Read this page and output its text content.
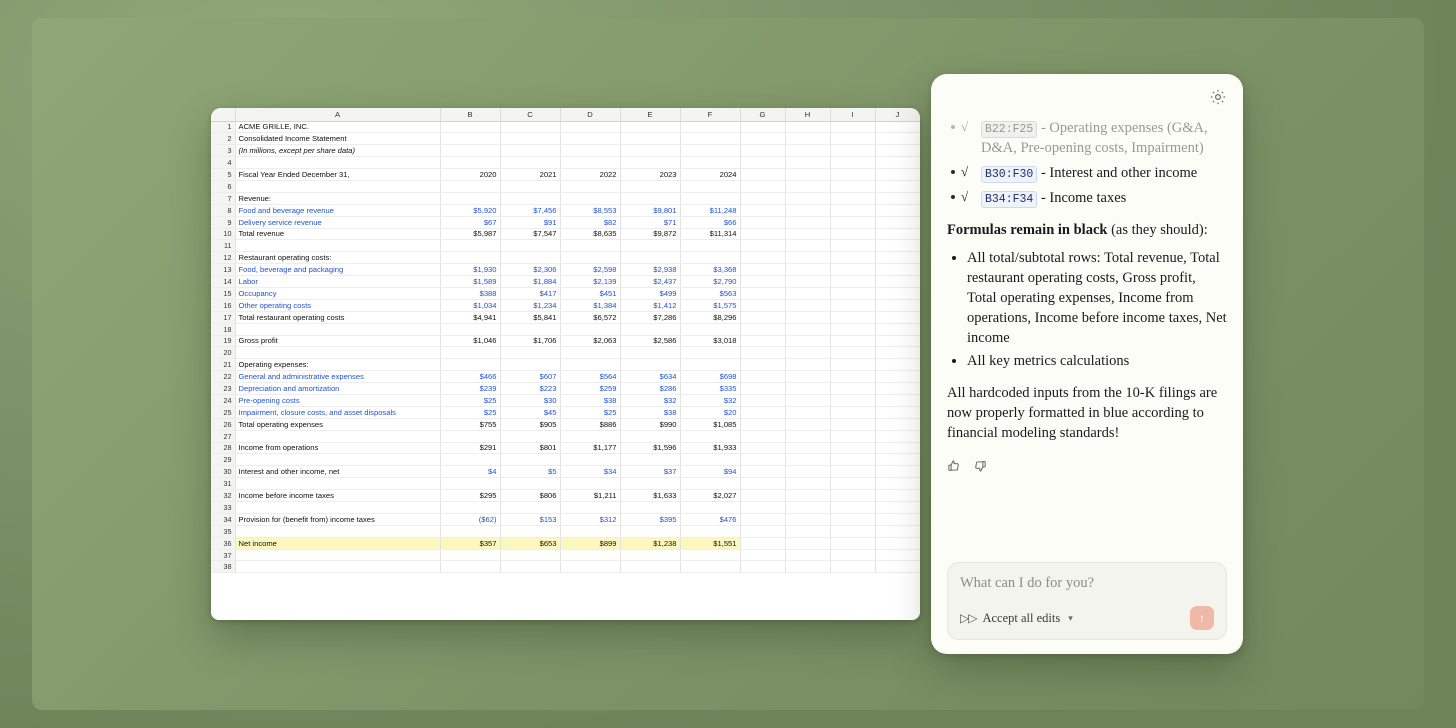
	A	B	C	D	E	F	G	H	I	J
1	ACME GRILLE, INC.									
2	Consolidated Income Statement									
3	(In millions, except per share data)									
4										
5	Fiscal Year Ended December 31,	2020	2021	2022	2023	2024				
6										
7	Revenue:									
8	Food and beverage revenue	$5,920	$7,456	$8,553	$9,801	$11,248				
9	Delivery service revenue	$67	$91	$82	$71	$66				
10	Total revenue	$5,987	$7,547	$8,635	$9,872	$11,314				
11										
12	Restaurant operating costs:									
13	Food, beverage and packaging	$1,930	$2,306	$2,598	$2,938	$3,368				
14	Labor	$1,589	$1,884	$2,139	$2,437	$2,790				
15	Occupancy	$388	$417	$451	$499	$563				
16	Other operating costs	$1,034	$1,234	$1,384	$1,412	$1,575				
17	Total restaurant operating costs	$4,941	$5,841	$6,572	$7,286	$8,296				
18										
19	Gross profit	$1,046	$1,706	$2,063	$2,586	$3,018				
20										
21	Operating expenses:									
22	General and administrative expenses	$466	$607	$564	$634	$698				
23	Depreciation and amortization	$239	$223	$259	$286	$335				
24	Pre-opening costs	$25	$30	$38	$32	$32				
25	Impairment, closure costs, and asset disposals	$25	$45	$25	$38	$20				
26	Total operating expenses	$755	$905	$886	$990	$1,085				
27										
28	Income from operations	$291	$801	$1,177	$1,596	$1,933				
29										
30	Interest and other income, net	$4	$5	$34	$37	$94				
31										
32	Income before income taxes	$295	$806	$1,211	$1,633	$2,027				
33										
34	Provision for (benefit from) income taxes	($62)	$153	$312	$395	$476				
35										
36	Net income	$357	$653	$899	$1,238	$1,551				
37										
38										
√ B22:F25 - Operating expenses (G&A, D&A, Pre-opening costs, Impairment)
√ B30:F30 - Interest and other income
√ B34:F34 - Income taxes

Formulas remain in black (as they should):

• All total/subtotal rows: Total revenue, Total restaurant operating costs, Gross profit, Total operating expenses, Income from operations, Income before income taxes, Net income
• All key metrics calculations

All hardcoded inputs from the 10-K filings are now properly formatted in blue according to financial modeling standards!

What can I do for you?
▷▷ Accept all edits ▾	↑
